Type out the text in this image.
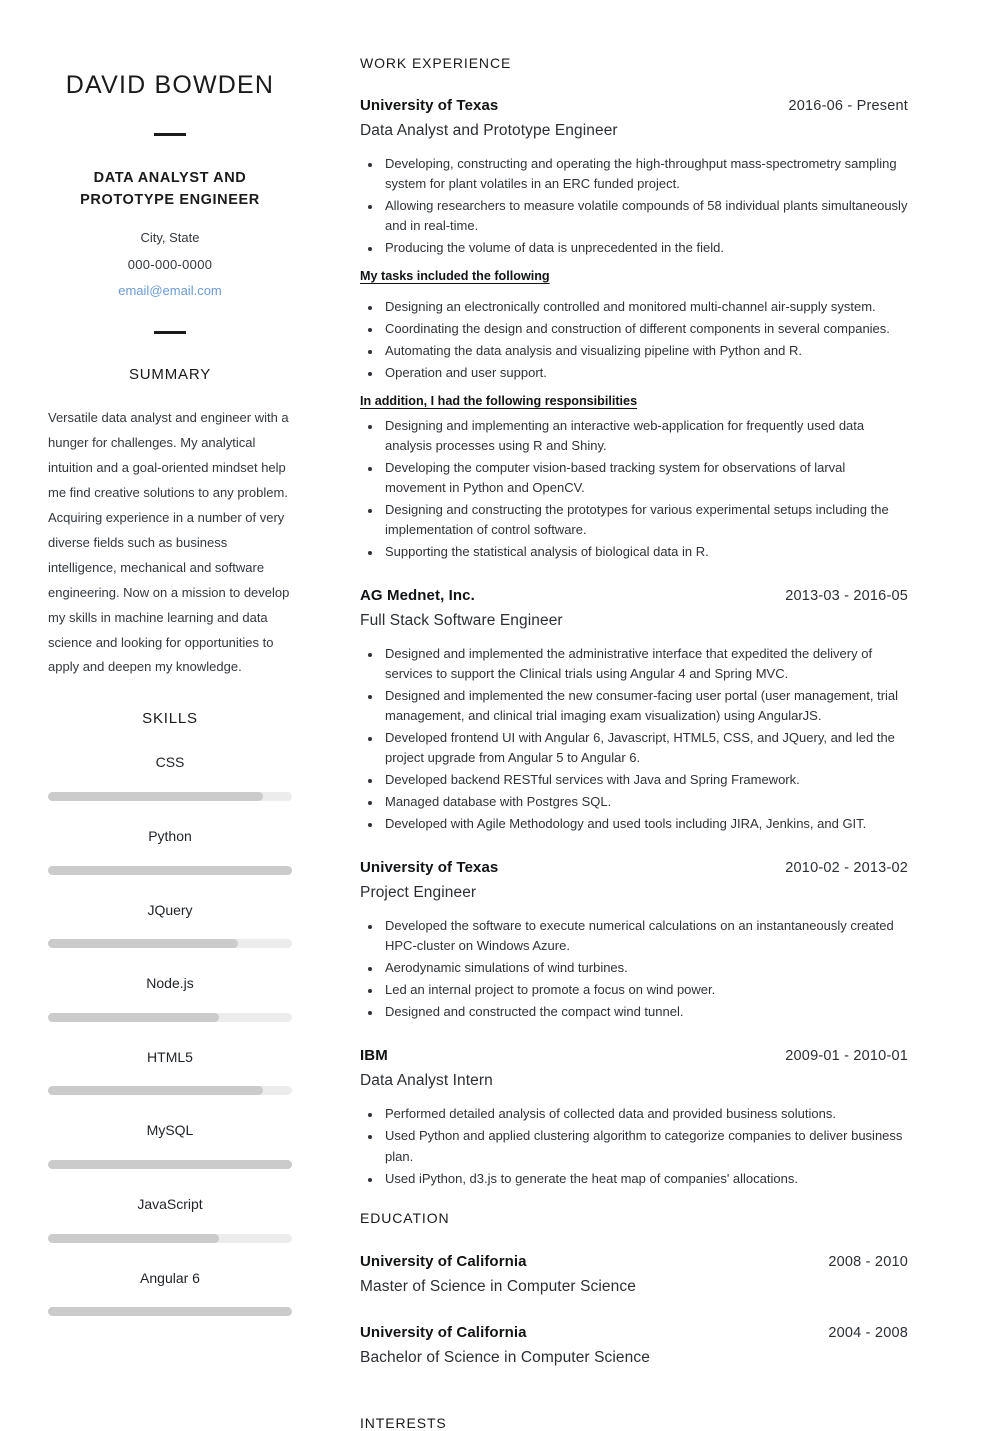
DAVID BOWDEN
DATA ANALYST AND PROTOTYPE ENGINEER
City, State
000-000-0000
email@email.com
SUMMARY

Versatile data analyst and engineer with a hunger for challenges. My analytical intuition and a goal-oriented mindset help me find creative solutions to any problem. Acquiring experience in a number of very diverse fields such as business intelligence, mechanical and software engineering. Now on a mission to develop my skills in machine learning and data science and looking for opportunities to apply and deepen my knowledge.

SKILLS
CSS
Python
JQuery
Node.js
HTML5
MySQL
JavaScript
Angular 6
WORK EXPERIENCE
University of Texas	2016-06 - Present
Data Analyst and Prototype Engineer
• Developing, constructing and operating the high-throughput mass-spectrometry sampling system for plant volatiles in an ERC funded project.
• Allowing researchers to measure volatile compounds of 58 individual plants simultaneously and in real-time.
• Producing the volume of data is unprecedented in the field.
My tasks included the following
• Designing an electronically controlled and monitored multi-channel air-supply system.
• Coordinating the design and construction of different components in several companies.
• Automating the data analysis and visualizing pipeline with Python and R.
• Operation and user support.
In addition, I had the following responsibilities
• Designing and implementing an interactive web-application for frequently used data analysis processes using R and Shiny.
• Developing the computer vision-based tracking system for observations of larval movement in Python and OpenCV.
• Designing and constructing the prototypes for various experimental setups including the implementation of control software.
• Supporting the statistical analysis of biological data in R.
AG Mednet, Inc.	2013-03 - 2016-05
Full Stack Software Engineer
• Designed and implemented the administrative interface that expedited the delivery of services to support the Clinical trials using Angular 4 and Spring MVC.
• Designed and implemented the new consumer-facing user portal (user management, trial management, and clinical trial imaging exam visualization) using AngularJS.
• Developed frontend UI with Angular 6, Javascript, HTML5, CSS, and JQuery, and led the project upgrade from Angular 5 to Angular 6.
• Developed backend RESTful services with Java and Spring Framework.
• Managed database with Postgres SQL.
• Developed with Agile Methodology and used tools including JIRA, Jenkins, and GIT.
University of Texas	2010-02 - 2013-02
Project Engineer
• Developed the software to execute numerical calculations on an instantaneously created HPC-cluster on Windows Azure.
• Aerodynamic simulations of wind turbines.
• Led an internal project to promote a focus on wind power.
• Designed and constructed the compact wind tunnel.
IBM	2009-01 - 2010-01
Data Analyst Intern
• Performed detailed analysis of collected data and provided business solutions.
• Used Python and applied clustering algorithm to categorize companies to deliver business plan.
• Used iPython, d3.js to generate the heat map of companies' allocations.
EDUCATION
University of California	2008 - 2010
Master of Science in Computer Science
University of California	2004 - 2008
Bachelor of Science in Computer Science
INTERESTS
